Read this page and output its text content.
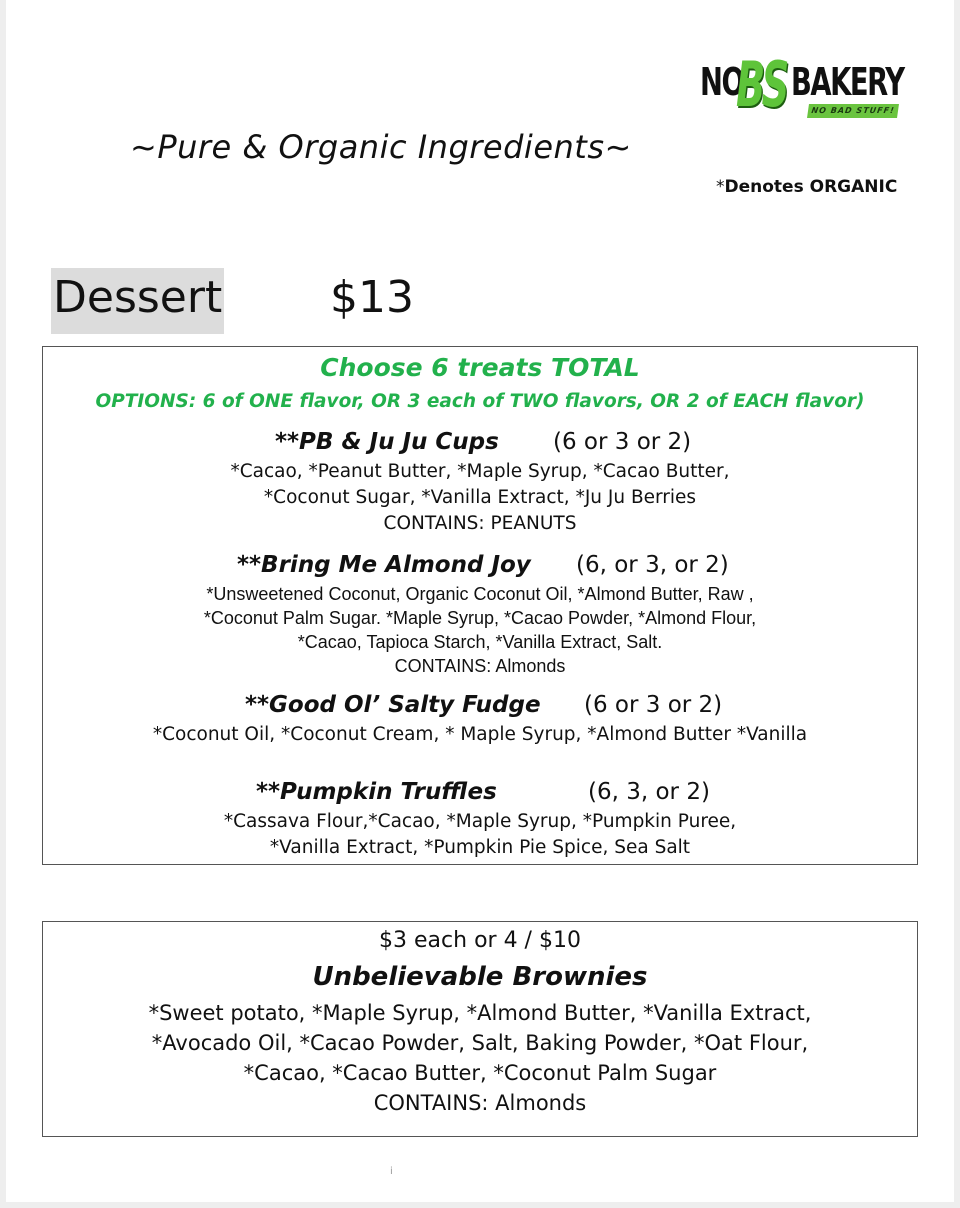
NO
BS BAKERY
NO BAD STUFF!
~Pure & Organic Ingredients~
*Denotes ORGANIC
Dessert $13
Choose 6 treats TOTAL
OPTIONS: 6 of ONE flavor, OR 3 each of TWO flavors, OR 2 of EACH flavor)
**PB & Ju Ju Cups (6 or 3 or 2)
*Cacao, *Peanut Butter, *Maple Syrup, *Cacao Butter,
*Coconut Sugar, *Vanilla Extract, *Ju Ju Berries
CONTAINS: PEANUTS
**Bring Me Almond Joy (6, or 3, or 2)
*Unsweetened Coconut, Organic Coconut Oil, *Almond Butter, Raw ,
*Coconut Palm Sugar. *Maple Syrup, *Cacao Powder, *Almond Flour,
*Cacao, Tapioca Starch, *Vanilla Extract, Salt.
CONTAINS: Almonds
**Good Ol’ Salty Fudge (6 or 3 or 2)
*Coconut Oil, *Coconut Cream, * Maple Syrup, *Almond Butter *Vanilla
**Pumpkin Truffles	(6, 3, or 2)
*Cassava Flour,*Cacao, *Maple Syrup, *Pumpkin Puree,
*Vanilla Extract, *Pumpkin Pie Spice, Sea Salt
$3 each or 4 / $10
Unbelievable Brownies
*Sweet potato, *Maple Syrup, *Almond Butter, *Vanilla Extract,
*Avocado Oil, *Cacao Powder, Salt, Baking Powder, *Oat Flour,
*Cacao, *Cacao Butter, *Coconut Palm Sugar
CONTAINS: Almonds
i
